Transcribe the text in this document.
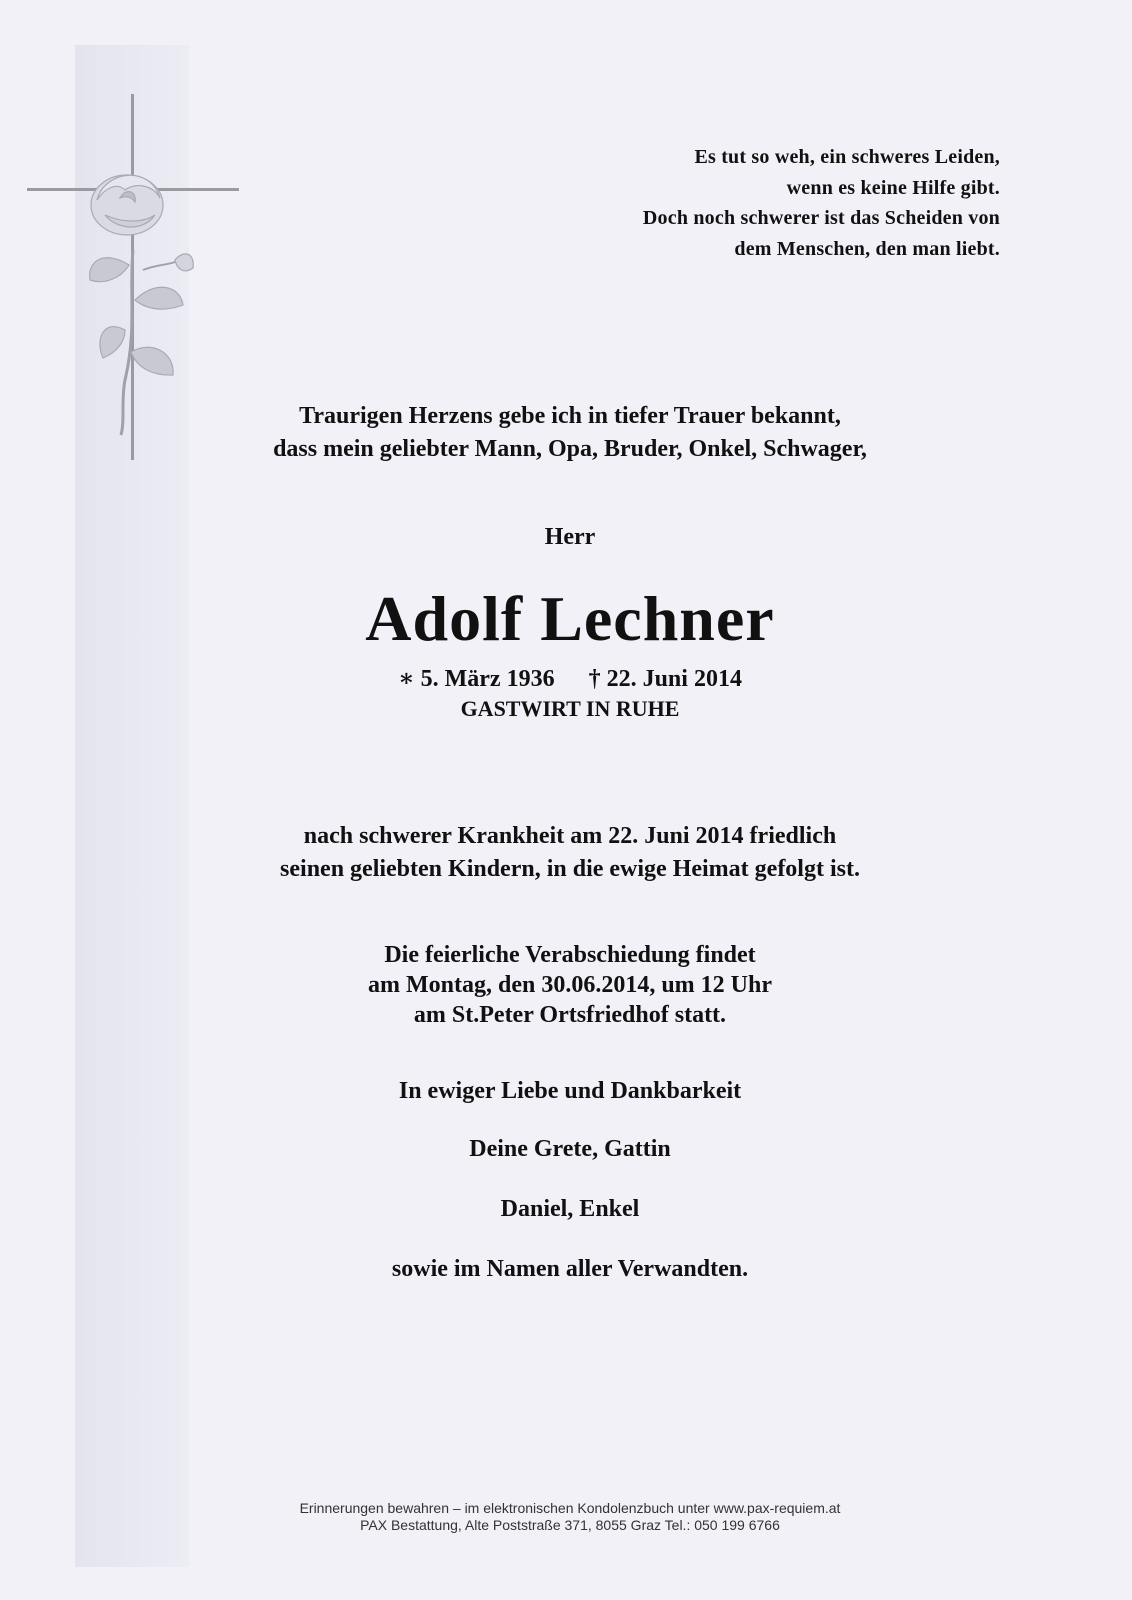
Es tut so weh, ein schweres Leiden,
wenn es keine Hilfe gibt.
Doch noch schwerer ist das Scheiden von
dem Menschen, den man liebt.
Traurigen Herzens gebe ich in tiefer Trauer bekannt,
dass mein geliebter Mann, Opa, Bruder, Onkel, Schwager,
Herr
Adolf Lechner
∗ 5. März 1936 † 22. Juni 2014
GASTWIRT IN RUHE
nach schwerer Krankheit am 22. Juni 2014 friedlich
seinen geliebten Kindern, in die ewige Heimat gefolgt ist.
Die feierliche Verabschiedung findet
am Montag, den 30.06.2014, um 12 Uhr
am St.Peter Ortsfriedhof statt.
In ewiger Liebe und Dankbarkeit
Deine Grete, Gattin
Daniel, Enkel
sowie im Namen aller Verwandten.
Erinnerungen bewahren – im elektronischen Kondolenzbuch unter www.pax-requiem.at
PAX Bestattung, Alte Poststraße 371, 8055 Graz Tel.: 050 199 6766
